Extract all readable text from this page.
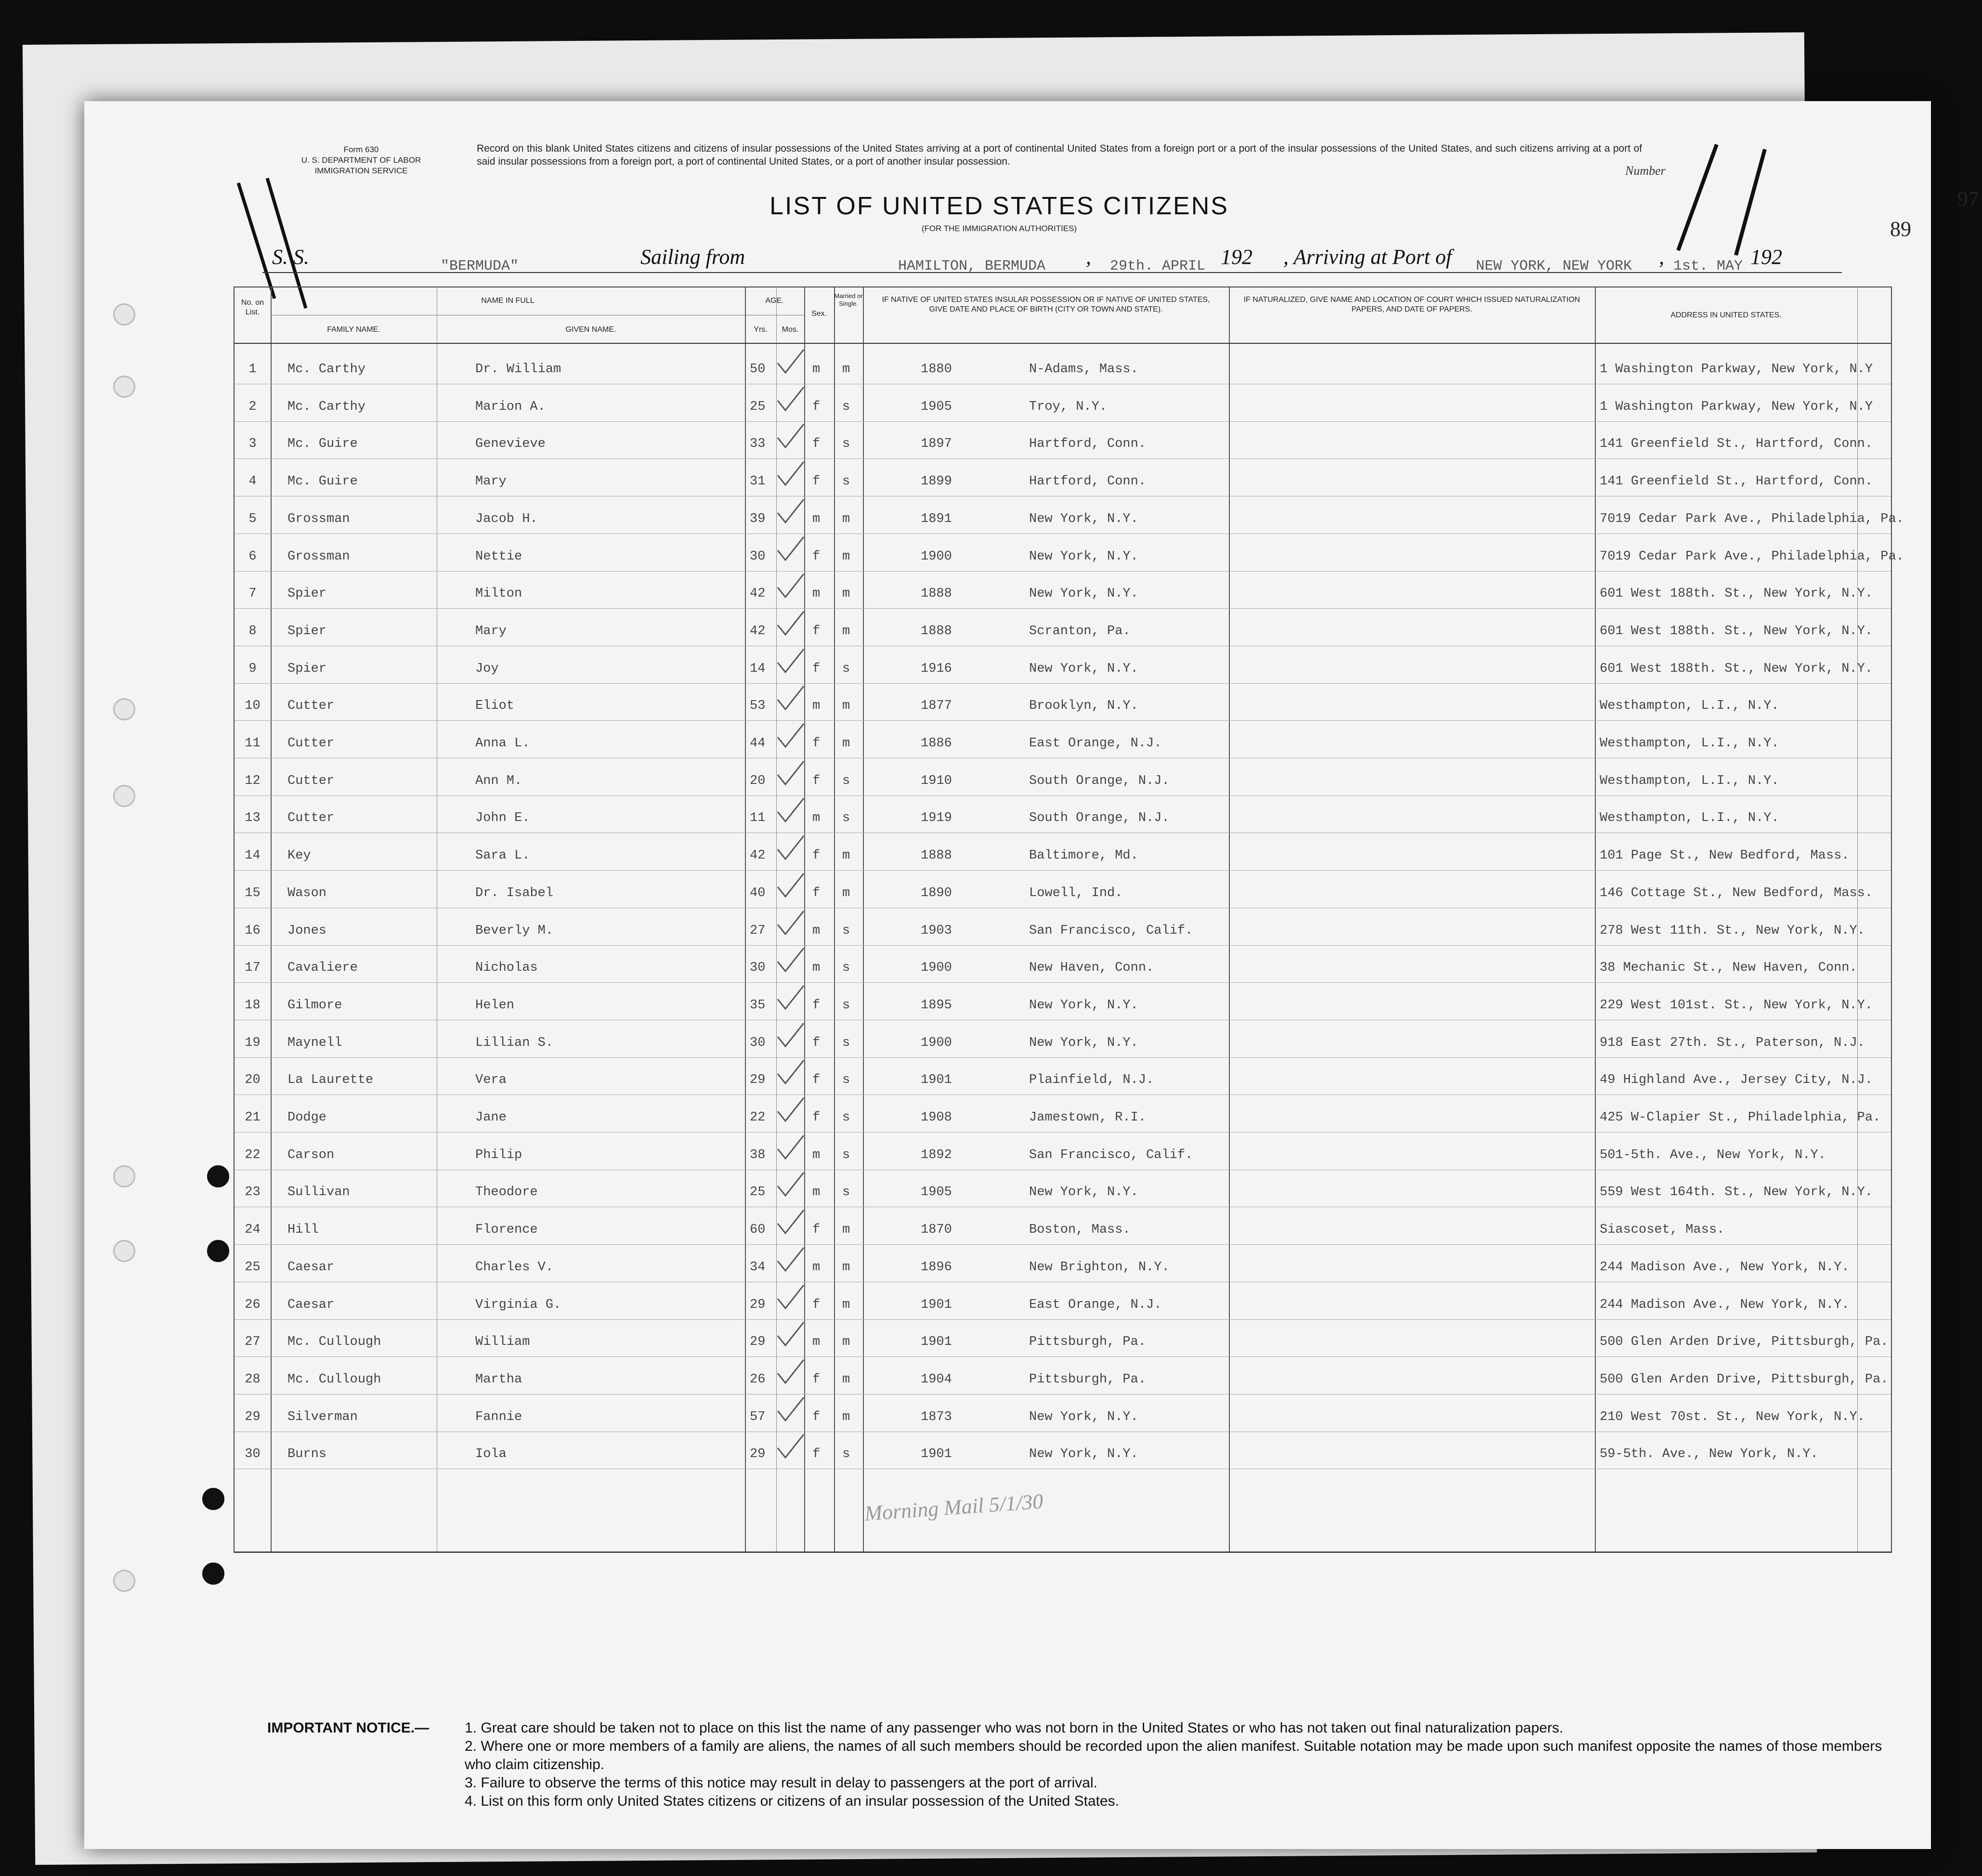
Form 630
U. S. DEPARTMENT OF LABOR
IMMIGRATION SERVICE
Record on this blank United States citizens and citizens of insular possessions of the United States arriving at a port of continental United States from a foreign port or a port of the insular possessions of the United States, and such citizens arriving at a port of said insular possessions from a foreign port, a port of continental United States, or a port of another insular possession.
Number
97
89
LIST OF UNITED STATES CITIZENS
(FOR THE IMMIGRATION AUTHORITIES)
S. S.	"BERMUDA"	Sailing from	HAMILTON, BERMUDA , 29th. APRIL 192 , Arriving at Port of NEW YORK, NEW YORK , 1st. MAY 192
No. on List.
NAME IN FULL
FAMILY NAME.	GIVEN NAME.
AGE.
Yrs.	Mos.
Sex.
Married or Single.	IF NATIVE OF UNITED STATES INSULAR POSSESSION OR IF NATIVE OF UNITED STATES, GIVE DATE AND PLACE OF BIRTH (CITY OR TOWN AND STATE).
IF NATURALIZED, GIVE NAME AND LOCATION OF COURT WHICH ISSUED NATURALIZATION PAPERS, AND DATE OF PAPERS.
ADDRESS IN UNITED STATES.
1	Mc. Carthy	Dr. William	50	m m	1880	N-Adams, Mass.	1 Washington Parkway, New York, N.Y
2	Mc. Carthy	Marion A.	25	f s	1905	Troy, N.Y.	1 Washington Parkway, New York, N.Y
3	Mc. Guire	Genevieve	33	f s	1897	Hartford, Conn.	141 Greenfield St., Hartford, Conn.
4	Mc. Guire	Mary	31	f s	1899	Hartford, Conn.	141 Greenfield St., Hartford, Conn.
5	Grossman	Jacob H.	39	m m	1891	New York, N.Y.	7019 Cedar Park Ave., Philadelphia, Pa.
6	Grossman	Nettie	30	f m	1900	New York, N.Y.	7019 Cedar Park Ave., Philadelphia, Pa.
7	Spier	Milton	42	m m	1888	New York, N.Y.	601 West 188th. St., New York, N.Y.
8	Spier	Mary	42	f m	1888	Scranton, Pa.	601 West 188th. St., New York, N.Y.
9	Spier	Joy	14	f s	1916	New York, N.Y.	601 West 188th. St., New York, N.Y.
10	Cutter	Eliot	53	m m	1877	Brooklyn, N.Y.	Westhampton, L.I., N.Y.
11	Cutter	Anna L.	44	f m	1886	East Orange, N.J.	Westhampton, L.I., N.Y.
12	Cutter	Ann M.	20	f s	1910	South Orange, N.J.	Westhampton, L.I., N.Y.
13	Cutter	John E.	11	m s	1919	South Orange, N.J.	Westhampton, L.I., N.Y.
14	Key	Sara L.	42	f m	1888	Baltimore, Md.	101 Page St., New Bedford, Mass.
15	Wason	Dr. Isabel	40	f m	1890	Lowell, Ind.	146 Cottage St., New Bedford, Mass.
16	Jones	Beverly M.	27	m s	1903	San Francisco, Calif.	278 West 11th. St., New York, N.Y.
17	Cavaliere	Nicholas	30	m s	1900	New Haven, Conn.	38 Mechanic St., New Haven, Conn.
18	Gilmore	Helen	35	f s	1895	New York, N.Y.	229 West 101st. St., New York, N.Y.
19	Maynell	Lillian S.	30	f s	1900	New York, N.Y.	918 East 27th. St., Paterson, N.J.
20	La Laurette	Vera	29	f s	1901	Plainfield, N.J.	49 Highland Ave., Jersey City, N.J.
21	Dodge	Jane	22	f s	1908	Jamestown, R.I.	425 W-Clapier St., Philadelphia, Pa.
22	Carson	Philip	38	m s	1892	San Francisco, Calif.	501-5th. Ave., New York, N.Y.
23	Sullivan	Theodore	25	m s	1905	New York, N.Y.	559 West 164th. St., New York, N.Y.
24	Hill	Florence	60	f m	1870	Boston, Mass.	Siascoset, Mass.
25	Caesar	Charles V.	34	m m	1896	New Brighton, N.Y.	244 Madison Ave., New York, N.Y.
26	Caesar	Virginia G.	29	f m	1901	East Orange, N.J.	244 Madison Ave., New York, N.Y.
27	Mc. Cullough	William	29	m m	1901	Pittsburgh, Pa.	500 Glen Arden Drive, Pittsburgh, Pa.
28	Mc. Cullough	Martha	26	f m	1904	Pittsburgh, Pa.	500 Glen Arden Drive, Pittsburgh, Pa.
29	Silverman	Fannie	57	f m	1873	New York, N.Y.	210 West 70st. St., New York, N.Y.
30	Burns	Iola	29	f s	1901	New York, N.Y.	59-5th. Ave., New York, N.Y.
Morning Mail 5/1/30
IMPORTANT NOTICE.— 1. Great care should be taken not to place on this list the name of any passenger who was not born in the United States or who has not taken out final naturalization papers.
2. Where one or more members of a family are aliens, the names of all such members should be recorded upon the alien manifest. Suitable notation may be made upon such manifest opposite the names of those members who claim citizenship.
3. Failure to observe the terms of this notice may result in delay to passengers at the port of arrival.
4. List on this form only United States citizens or citizens of an insular possession of the United States.
